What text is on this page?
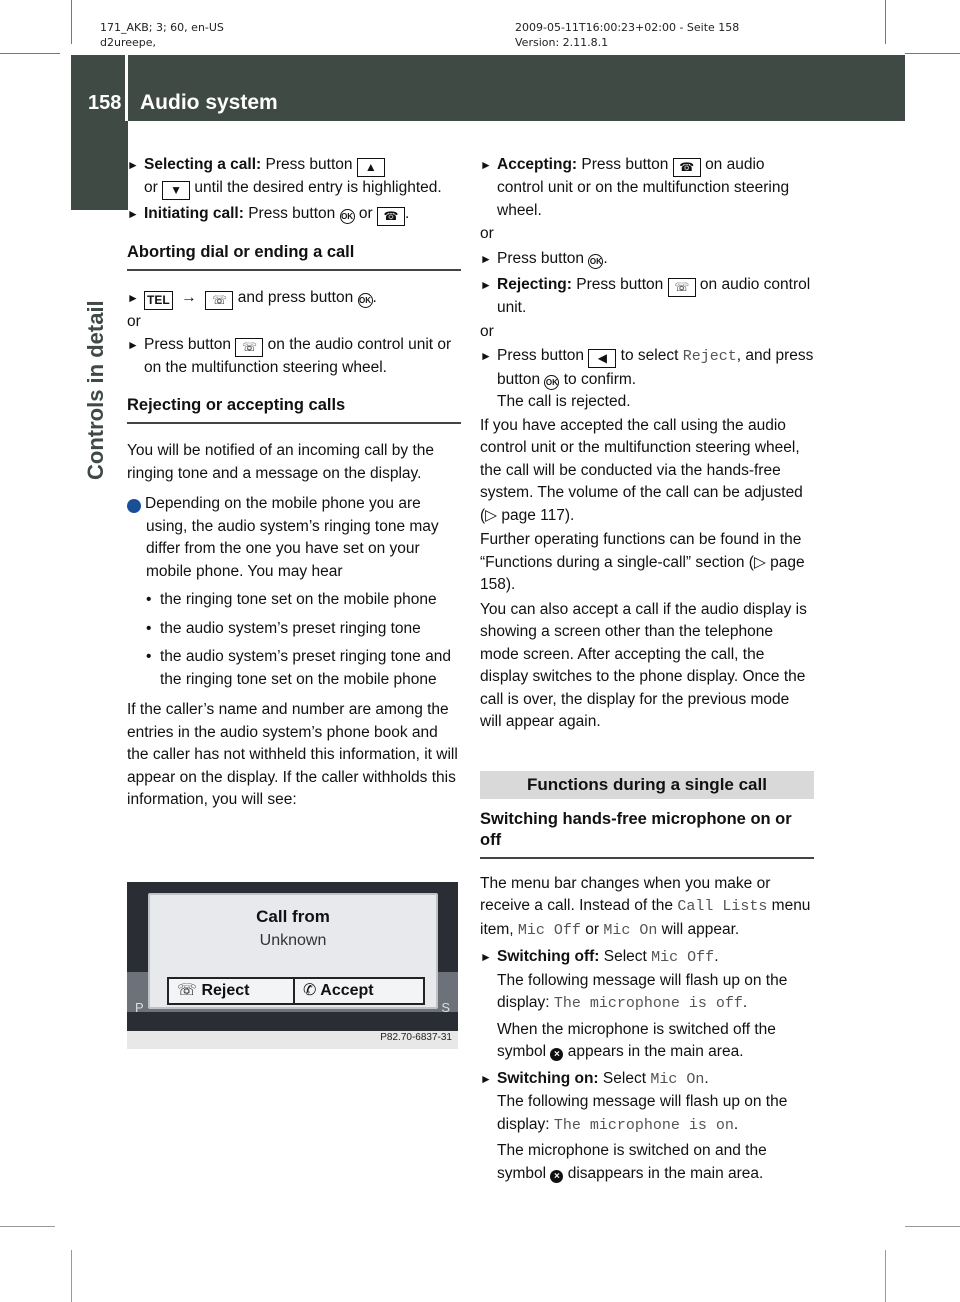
171_AKB; 3; 60, en-US
d2ureepe,
2009-05-11T16:00:23+02:00 - Seite 158
Version: 2.11.8.1
158 Audio system
Controls in detail

► Selecting a call: Press button ▲
or ▼ until the desired entry is highlighted.

► Initiating call: Press button OK or ☎ .

Aborting dial or ending a call

► TEL → ☏ and press button OK.

or

► Press button ☏ on the audio control unit or on the multifunction steering wheel.

Rejecting or accepting calls

You will be notified of an incoming call by the ringing tone and a message on the display.

i Depending on the mobile phone you are using, the audio system’s ringing tone may differ from the one you have set on your mobile phone. You may hear

• the ringing tone set on the mobile phone

• the audio system’s preset ringing tone

• the audio system’s preset ringing tone and the ringing tone set on the mobile phone

If the caller’s name and number are among the entries in the audio system’s phone book and the caller has not withheld this information, it will appear on the display. If the caller withholds this information, you will see:

P	S
Call from
Unknown
☏ Reject	✆ Accept
P82.70-6837-31

► Accepting: Press button ☎ on audio control unit or on the multifunction steering wheel.

or

► Press button OK.

► Rejecting: Press button ☏ on audio control unit.

or

► Press button ◀ to select Reject, and press button OK to confirm.
The call is rejected.

If you have accepted the call using the audio control unit or the multifunction steering wheel, the call will be conducted via the hands-free system. The volume of the call can be adjusted (▷ page 117).

Further operating functions can be found in the “Functions during a single-call” section (▷ page 158).

You can also accept a call if the audio display is showing a screen other than the telephone mode screen. After accepting the call, the display switches to the phone display. Once the call is over, the display for the previous mode will appear again.

Functions during a single call
Switching hands-free microphone on or off

The menu bar changes when you make or receive a call. Instead of the Call Lists menu item, Mic Off or Mic On will appear.

► Switching off: Select Mic Off.
The following message will flash up on the display: The microphone is off.

When the microphone is switched off the symbol × appears in the main area.

► Switching on: Select Mic On.
The following message will flash up on the display: The microphone is on.

The microphone is switched on and the symbol × disappears in the main area.
